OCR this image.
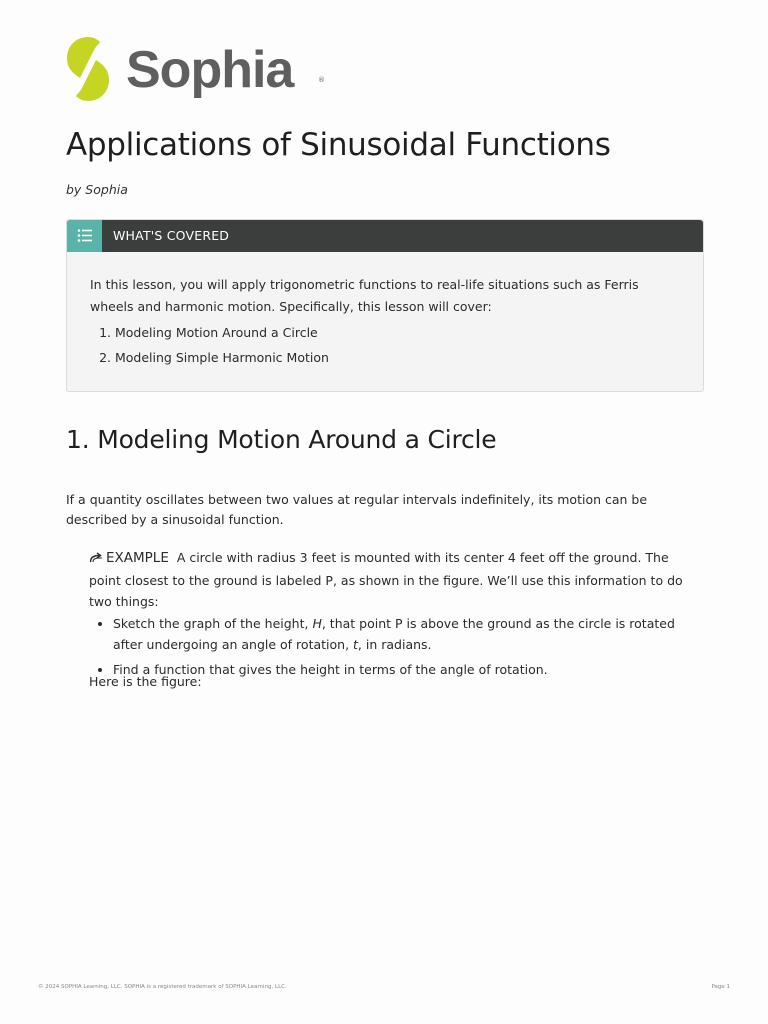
Sophia	®
Applications of Sinusoidal Functions
by Sophia
WHAT'S COVERED
In this lesson, you will apply trigonometric functions to real-life situations such as Ferris wheels and harmonic motion. Specifically, this lesson will cover:
1. Modeling Motion Around a Circle
2. Modeling Simple Harmonic Motion
1. Modeling Motion Around a Circle
If a quantity oscillates between two values at regular intervals indefinitely, its motion can be described by a sinusoidal function.
EXAMPLE A circle with radius 3 feet is mounted with its center 4 feet off the ground. The point closest to the ground is labeled P, as shown in the figure. We’ll use this information to do two things:
• Sketch the graph of the height, H, that point P is above the ground as the circle is rotated after undergoing an angle of rotation, t, in radians.
• Find a function that gives the height in terms of the angle of rotation.
Here is the figure:
© 2024 SOPHIA Learning, LLC. SOPHIA is a registered trademark of SOPHIA Learning, LLC.	Page 1
